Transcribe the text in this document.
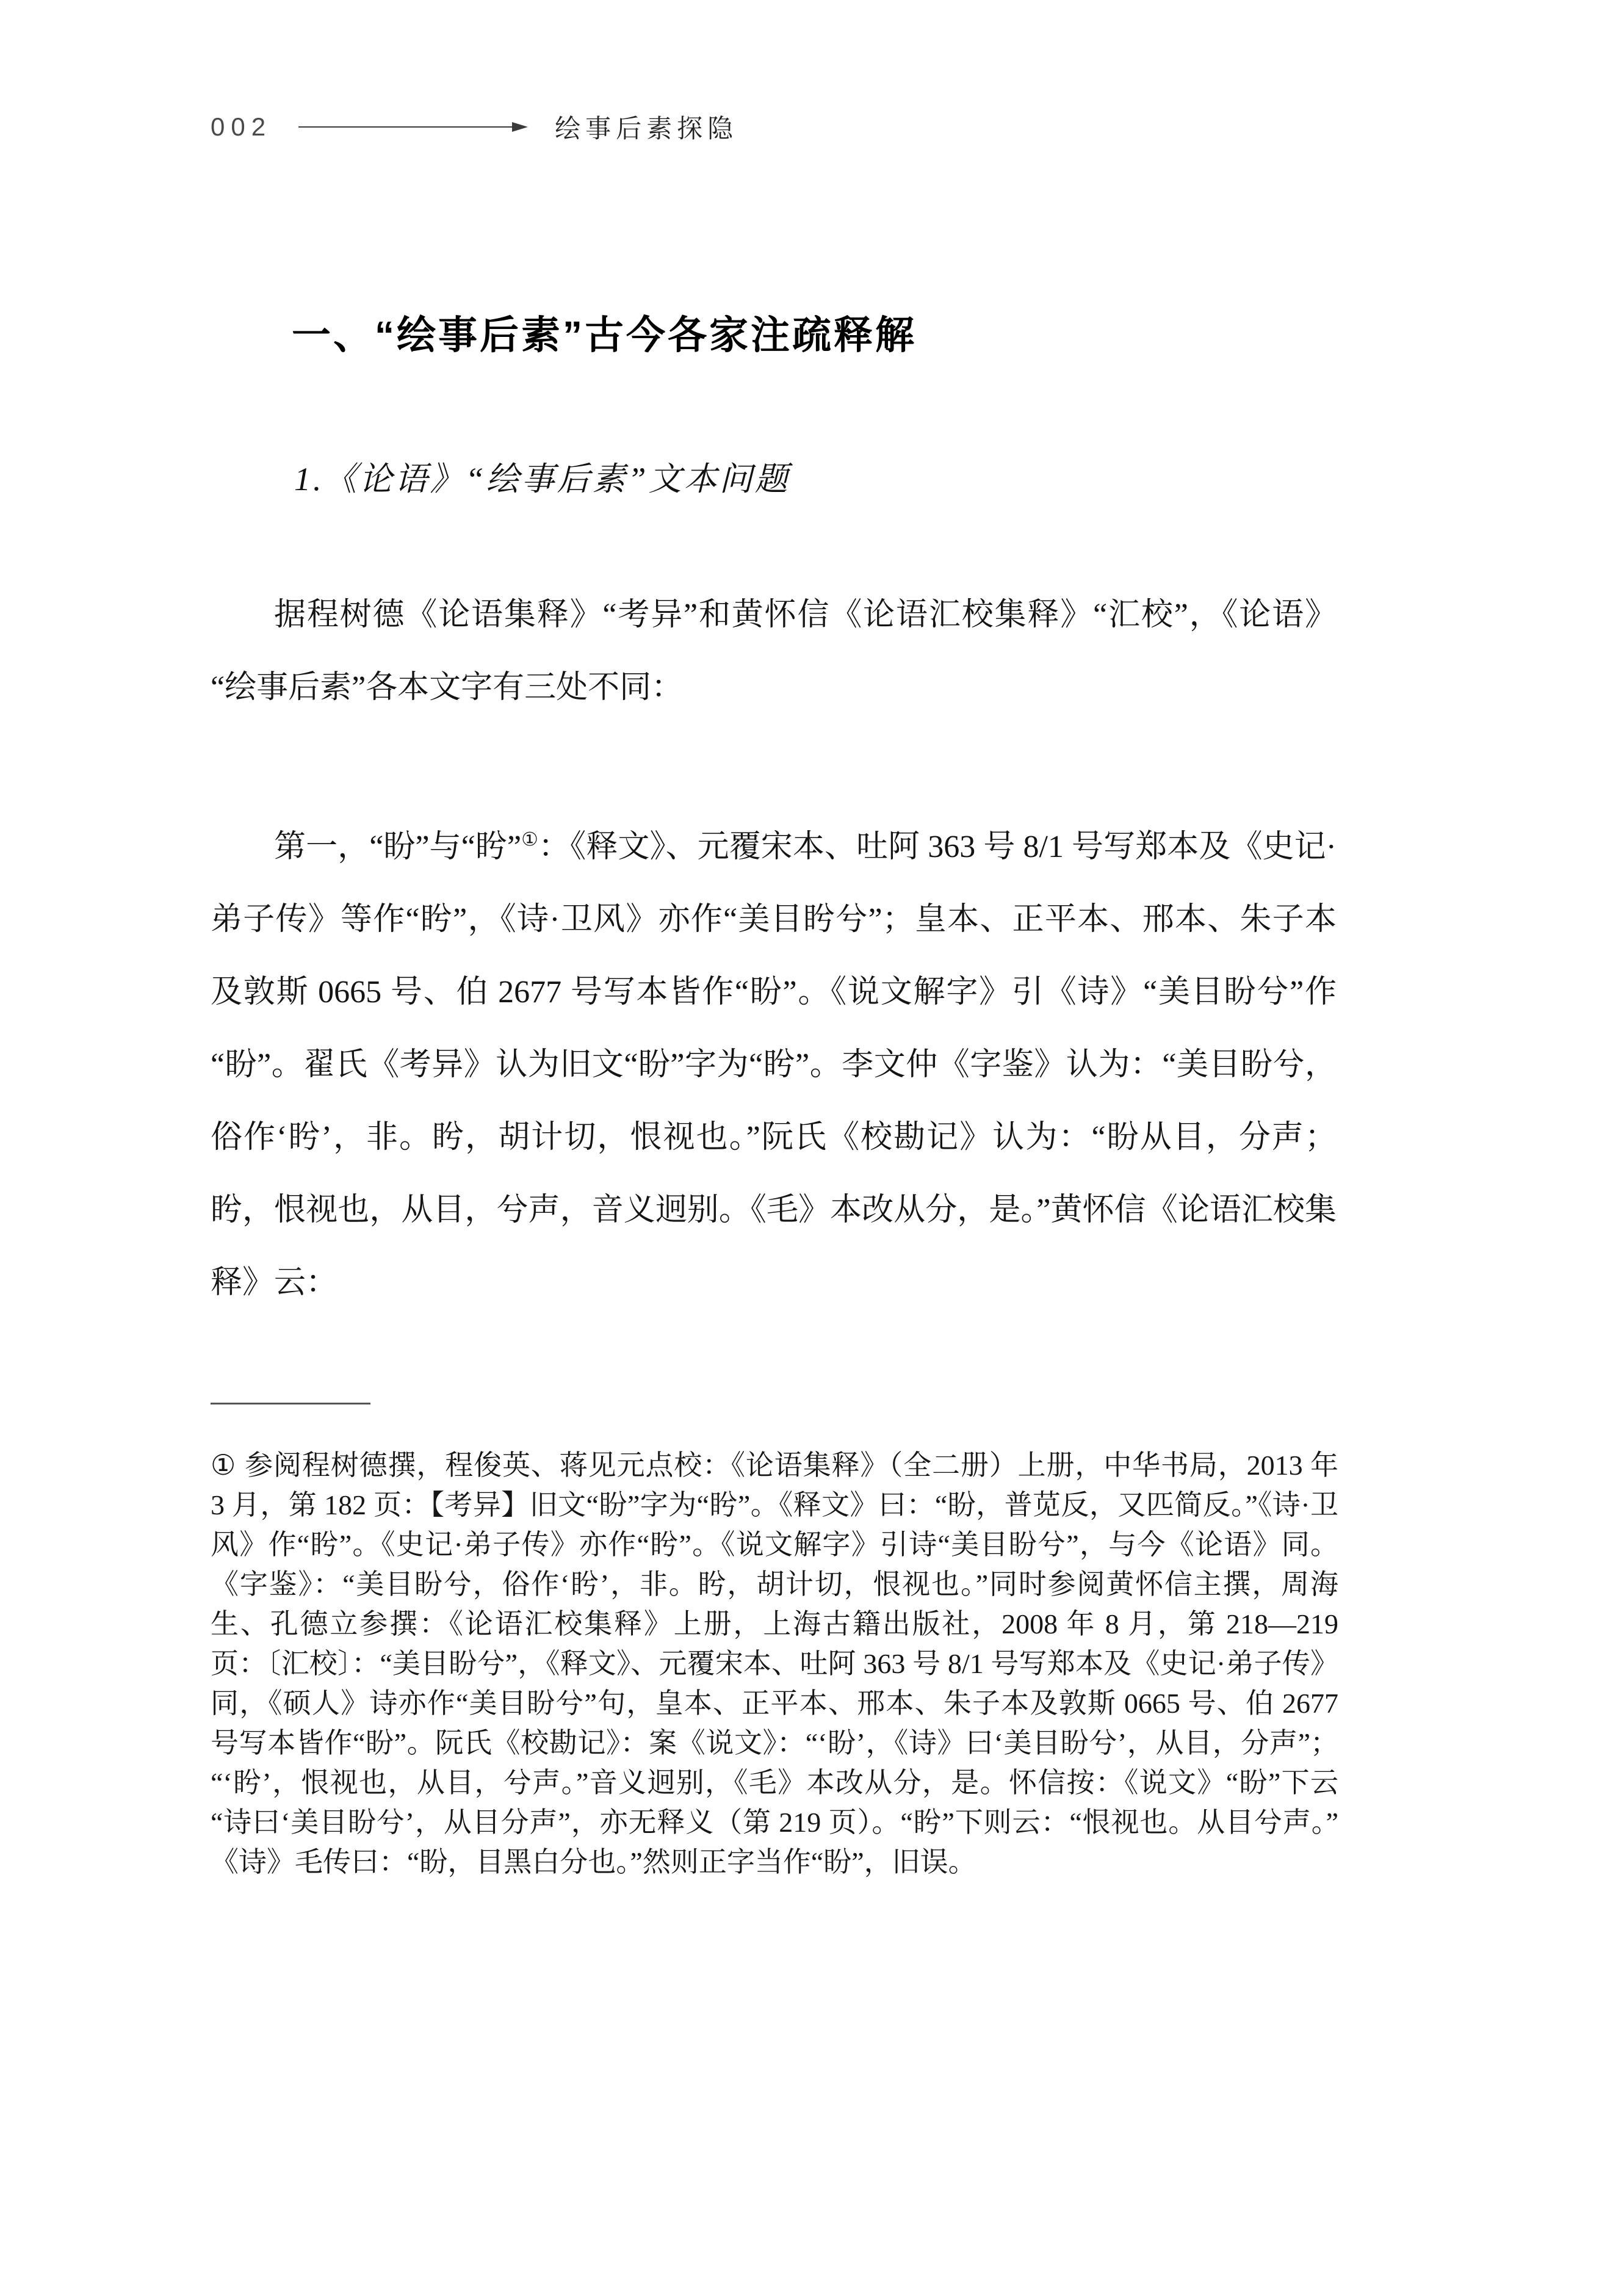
002	绘事后素探隐
一、“绘事后素”古今各家注疏释解
1.《论语》“绘事后素”文本问题

据程树德《论语集释》“考异”和黄怀信《论语汇校集释》“汇校”，《论语》“绘事后素”各本文字有三处不同：

第一，“盼”与“盻”①：《释文》、元覆宋本、吐阿 363 号 8/1 号写郑本及《史记·弟子传》等作“盻”，《诗·卫风》亦作“美目盻兮”；皇本、正平本、邢本、朱子本及敦斯 0665 号、伯 2677 号写本皆作“盼”。《说文解字》引《诗》“美目盼兮”作“盼”。翟氏《考异》认为旧文“盼”字为“盻”。李文仲《字鉴》认为：“美目盼兮，俗作‘盻’，非。盻，胡计切，恨视也。”阮氏《校勘记》认为：“盼从目，分声；盻，恨视也，从目，兮声，音义迥别。《毛》本改从分，是。”黄怀信《论语汇校集释》云：

① 参阅程树德撰，程俊英、蒋见元点校：《论语集释》（全二册）上册，中华书局，2013 年 3 月，第 182 页：【考异】旧文“盼”字为“盻”。《释文》曰：“盼，普苋反，又匹简反。”《诗·卫风》作“盻”。《史记·弟子传》亦作“盻”。《说文解字》引诗“美目盼兮”，与今《论语》同。《字鉴》：“美目盼兮，俗作‘盻’，非。盻，胡计切，恨视也。”同时参阅黄怀信主撰，周海生、孔德立参撰：《论语汇校集释》上册，上海古籍出版社，2008 年 8 月，第 218—219 页：〔汇校〕：“美目盼兮”，《释文》、元覆宋本、吐阿 363 号 8/1 号写郑本及《史记·弟子传》同，《硕人》诗亦作“美目盼兮”句，皇本、正平本、邢本、朱子本及敦斯 0665 号、伯 2677 号写本皆作“盼”。阮氏《校勘记》：案《说文》：“‘盼’，《诗》曰‘美目盼兮’，从目，分声”；“‘盻’，恨视也，从目，兮声。”音义迥别，《毛》本改从分，是。怀信按：《说文》“盼”下云“诗曰‘美目盼兮’，从目分声”，亦无释义（第 219 页）。“盻”下则云：“恨视也。从目兮声。”《诗》毛传曰：“盼，目黑白分也。”然则正字当作“盼”，旧误。
